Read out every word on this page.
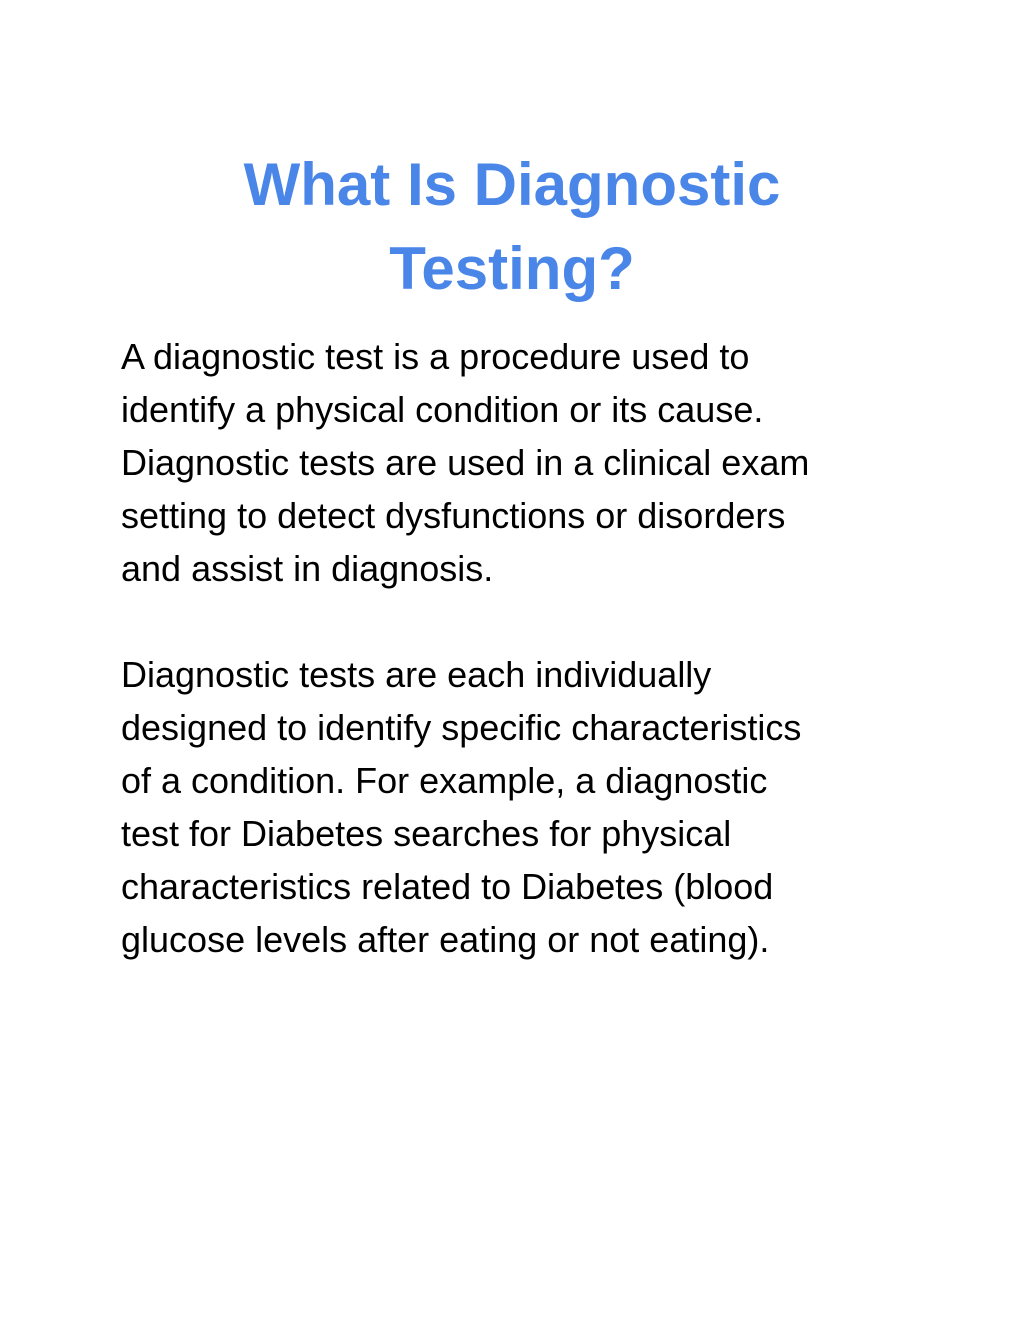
What Is Diagnostic
Testing?

A diagnostic test is a procedure used to
identify a physical condition or its cause.
Diagnostic tests are used in a clinical exam
setting to detect dysfunctions or disorders
and assist in diagnosis.

Diagnostic tests are each individually
designed to identify specific characteristics
of a condition. For example, a diagnostic
test for Diabetes searches for physical
characteristics related to Diabetes (blood
glucose levels after eating or not eating).
